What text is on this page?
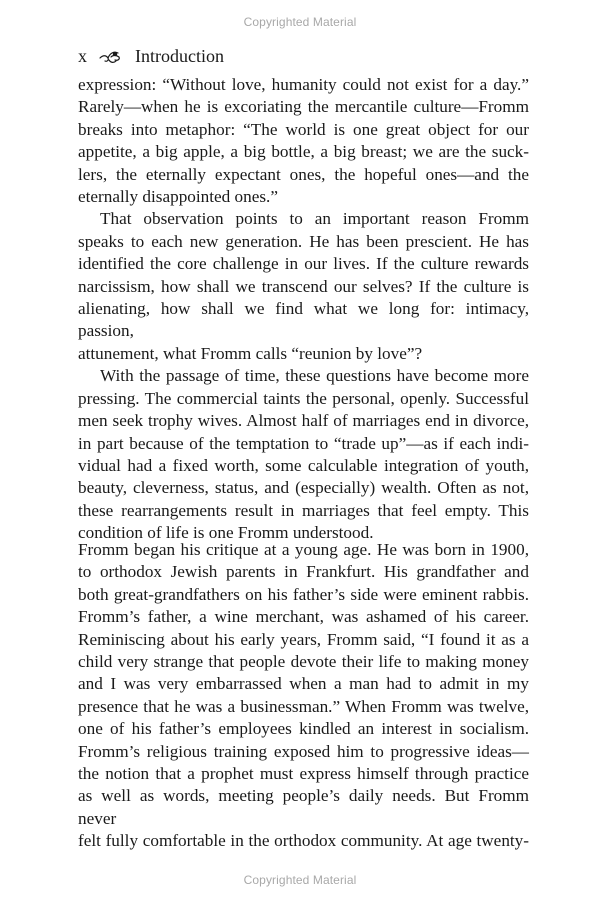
Copyrighted Material
x	Introduction

expression: “Without love, humanity could not exist for a day.”

Rarely—when he is excoriating the mercantile culture—Fromm

breaks into metaphor: “The world is one great object for our

appetite, a big apple, a big bottle, a big breast; we are the suck-

lers, the eternally expectant ones, the hopeful ones—and the

eternally disappointed ones.”

That observation points to an important reason Fromm

speaks to each new generation. He has been prescient. He has

identified the core challenge in our lives. If the culture rewards

narcissism, how shall we transcend our selves? If the culture is

alienating, how shall we find what we long for: intimacy, passion,

attunement, what Fromm calls “reunion by love”?

With the passage of time, these questions have become more

pressing. The commercial taints the personal, openly. Successful

men seek trophy wives. Almost half of marriages end in divorce,

in part because of the temptation to “trade up”—as if each indi-

vidual had a fixed worth, some calculable integration of youth,

beauty, cleverness, status, and (especially) wealth. Often as not,

these rearrangements result in marriages that feel empty. This

condition of life is one Fromm understood.

Fromm began his critique at a young age. He was born in 1900,

to orthodox Jewish parents in Frankfurt. His grandfather and

both great-grandfathers on his father’s side were eminent rabbis.

Fromm’s father, a wine merchant, was ashamed of his career.

Reminiscing about his early years, Fromm said, “I found it as a

child very strange that people devote their life to making money

and I was very embarrassed when a man had to admit in my

presence that he was a businessman.” When Fromm was twelve,

one of his father’s employees kindled an interest in socialism.

Fromm’s religious training exposed him to progressive ideas—

the notion that a prophet must express himself through practice

as well as words, meeting people’s daily needs. But Fromm never

felt fully comfortable in the orthodox community. At age twenty-

Copyrighted Material
